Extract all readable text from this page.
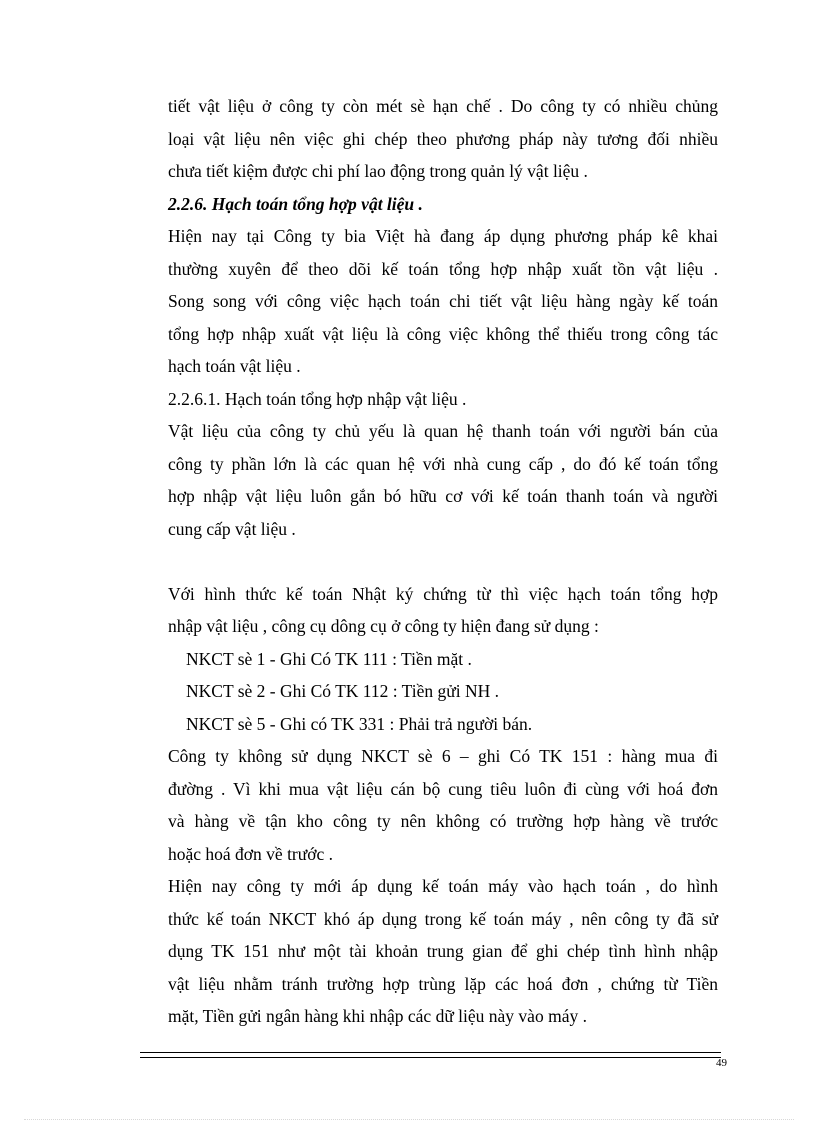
tiết vật liệu ở công ty còn mét sè hạn chế . Do công ty có nhiều chủng
loại vật liệu nên việc ghi chép theo phương pháp này tương đối nhiều
chưa tiết kiệm được chi phí lao động trong quản lý vật liệu .
2.2.6. Hạch toán tổng hợp vật liệu .
Hiện nay tại Công ty bia Việt hà đang áp dụng phương pháp kê khai
thường xuyên để theo dõi kế toán tổng hợp nhập xuất tồn vật liệu .
Song song với công việc hạch toán chi tiết vật liệu hàng ngày kế toán
tổng hợp nhập xuất vật liệu là công việc không thể thiếu trong công tác
hạch toán vật liệu .
2.2.6.1. Hạch toán tổng hợp nhập vật liệu .
Vật liệu của công ty chủ yếu là quan hệ thanh toán với người bán của
công ty phần lớn là các quan hệ với nhà cung cấp , do đó kế toán tổng
hợp nhập vật liệu luôn gắn bó hữu cơ với kế toán thanh toán và người
cung cấp vật liệu .
Với hình thức kế toán Nhật ký chứng từ thì việc hạch toán tổng hợp
nhập vật liệu , công cụ dông cụ ở công ty hiện đang sử dụng :
NKCT sè 1 - Ghi Có TK 111 : Tiền mặt .
NKCT sè 2 - Ghi Có TK 112 : Tiền gửi NH .
NKCT sè 5 - Ghi có TK 331 : Phải trả người bán.
Công ty không sử dụng NKCT sè 6 – ghi Có TK 151 : hàng mua đi
đường . Vì khi mua vật liệu cán bộ cung tiêu luôn đi cùng với hoá đơn
và hàng về tận kho công ty nên không có trường hợp hàng về trước
hoặc hoá đơn về trước .
Hiện nay công ty mới áp dụng kế toán máy vào hạch toán , do hình
thức kế toán NKCT khó áp dụng trong kế toán máy , nên công ty đã sử
dụng TK 151 như một tài khoản trung gian để ghi chép tình hình nhập
vật liệu nhằm tránh trường hợp trùng lặp các hoá đơn , chứng từ Tiền
mặt, Tiền gửi ngân hàng khi nhập các dữ liệu này vào máy .
49
